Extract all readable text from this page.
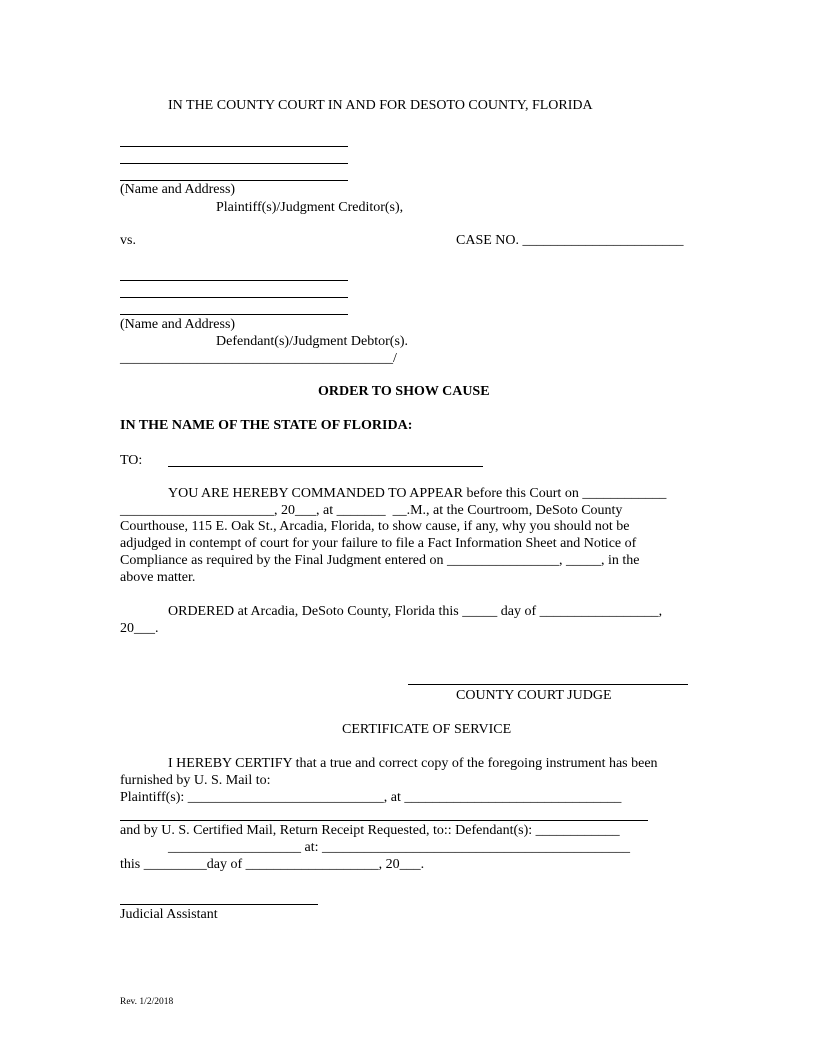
IN THE COUNTY COURT IN AND FOR DESOTO COUNTY, FLORIDA
(Name and Address)
Plaintiff(s)/Judgment Creditor(s),
vs.	CASE NO. _______________________
(Name and Address)
Defendant(s)/Judgment Debtor(s).
_______________________________________/
ORDER TO SHOW CAUSE
IN THE NAME OF THE STATE OF FLORIDA:
TO:
YOU ARE HEREBY COMMANDED TO APPEAR before this Court on ____________
______________________, 20___, at _______  __.M., at the Courtroom, DeSoto County
Courthouse, 115 E. Oak St., Arcadia, Florida, to show cause, if any, why you should not be
adjudged in contempt of court for your failure to file a Fact Information Sheet and Notice of
Compliance as required by the Final Judgment entered on ________________, _____, in the
above matter.
ORDERED at Arcadia, DeSoto County, Florida this _____ day of _________________,
20___.
COUNTY COURT JUDGE
CERTIFICATE OF SERVICE
I HEREBY CERTIFY that a true and correct copy of the foregoing instrument has been
furnished by U. S. Mail to:
Plaintiff(s): ____________________________, at _______________________________
and by U. S. Certified Mail, Return Receipt Requested, to:: Defendant(s): ____________
___________________ at: ____________________________________________
this _________day of ___________________, 20___.
Judicial Assistant
Rev. 1/2/2018
